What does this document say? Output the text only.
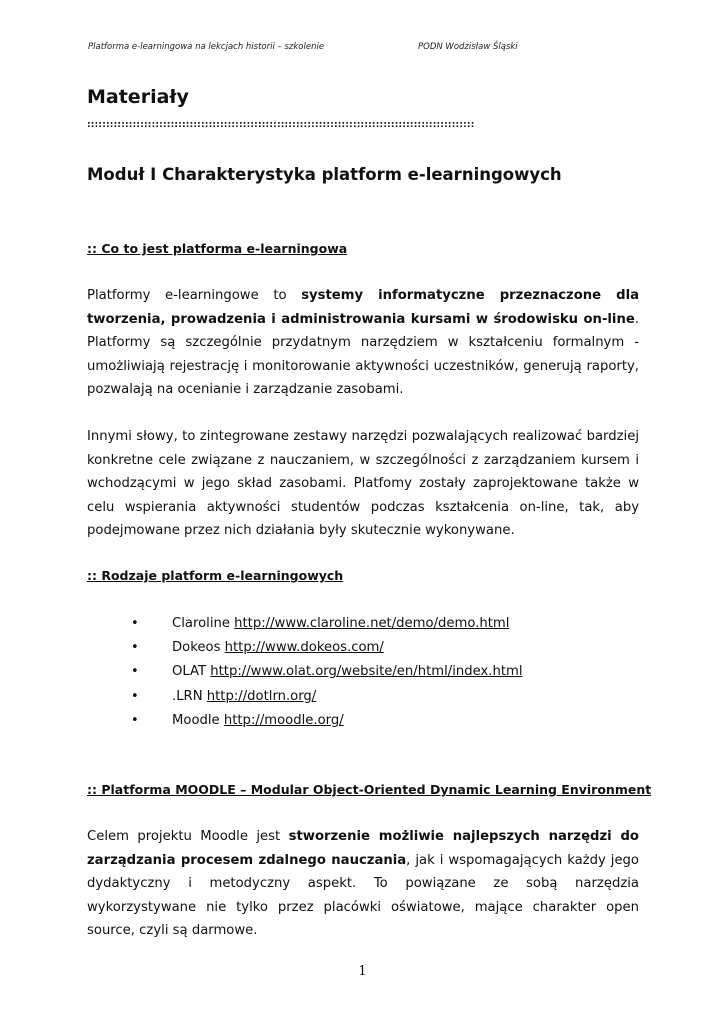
Platforma e-learningowa na lekcjach historii – szkolenie	PODN Wodzisław Śląski
Materiały
::::::::::::::::::::::::::::::::::::::::::::::::::::::::::::::::::::::::::::::::::::::::::::::::::::::
Moduł I Charakterystyka platform e-learningowych
:: Co to jest platforma e-learningowa

Platformy e-learningowe to systemy informatyczne przeznaczone dla tworzenia, prowadzenia i administrowania kursami w środowisku on-line. Platformy są szczególnie przydatnym narzędziem w kształceniu formalnym - umożliwiają rejestrację i monitorowanie aktywności uczestników, generują raporty, pozwalają na ocenianie i zarządzanie zasobami.

Innymi słowy, to zintegrowane zestawy narzędzi pozwalających realizować bardziej konkretne cele związane z nauczaniem, w szczególności z zarządzaniem kursem i wchodzącymi w jego skład zasobami. Platfomy zostały zaprojektowane także w celu wspierania aktywności studentów podczas kształcenia on-line, tak, aby podejmowane przez nich działania były skutecznie wykonywane.

:: Rodzaje platform e-learningowych
•	Claroline http://www.claroline.net/demo/demo.html
•	Dokeos http://www.dokeos.com/
•	OLAT http://www.olat.org/website/en/html/index.html
•	.LRN http://dotlrn.org/
•	Moodle http://moodle.org/
:: Platforma MOODLE – Modular Object-Oriented Dynamic Learning Environment

Celem projektu Moodle jest stworzenie możliwie najlepszych narzędzi do zarządzania procesem zdalnego nauczania, jak i wspomagających każdy jego dydaktyczny i metodyczny aspekt. To powiązane ze sobą narzędzia wykorzystywane nie tylko przez placówki oświatowe, mające charakter open source, czyli są darmowe.

1
